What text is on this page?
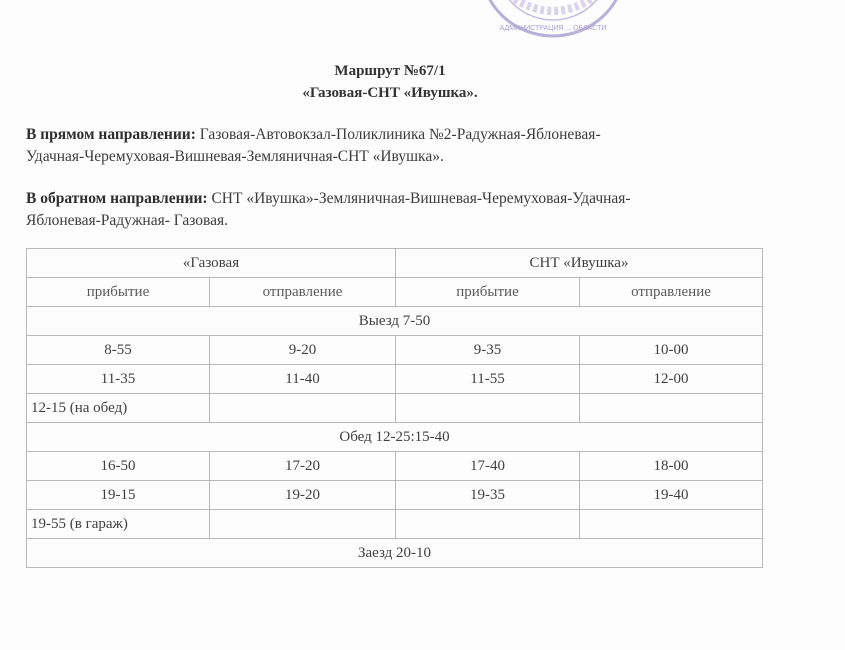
АДМИНИСТРАЦИЯ ... ОБЛАСТИ
Маршрут №67/1
«Газовая-СНТ «Ивушка».
В прямом направлении: Газовая-Автовокзал-Поликлиника №2-Радужная-Яблоневая-
Удачная-Черемуховая-Вишневая-Земляничная-СНТ «Ивушка».
В обратном направлении: СНТ «Ивушка»-Земляничная-Вишневая-Черемуховая-Удачная-
Яблоневая-Радужная- Газовая.
«Газовая		СНТ «Ивушка»	
прибытие	отправление	прибытие	отправление
Выезд 7-50			
8-55	9-20	9-35	10-00
11-35	11-40	11-55	12-00
12-15 (на обед)			
Обед 12-25:15-40			
16-50	17-20	17-40	18-00
19-15	19-20	19-35	19-40
19-55 (в гараж)			
Заезд 20-10			
